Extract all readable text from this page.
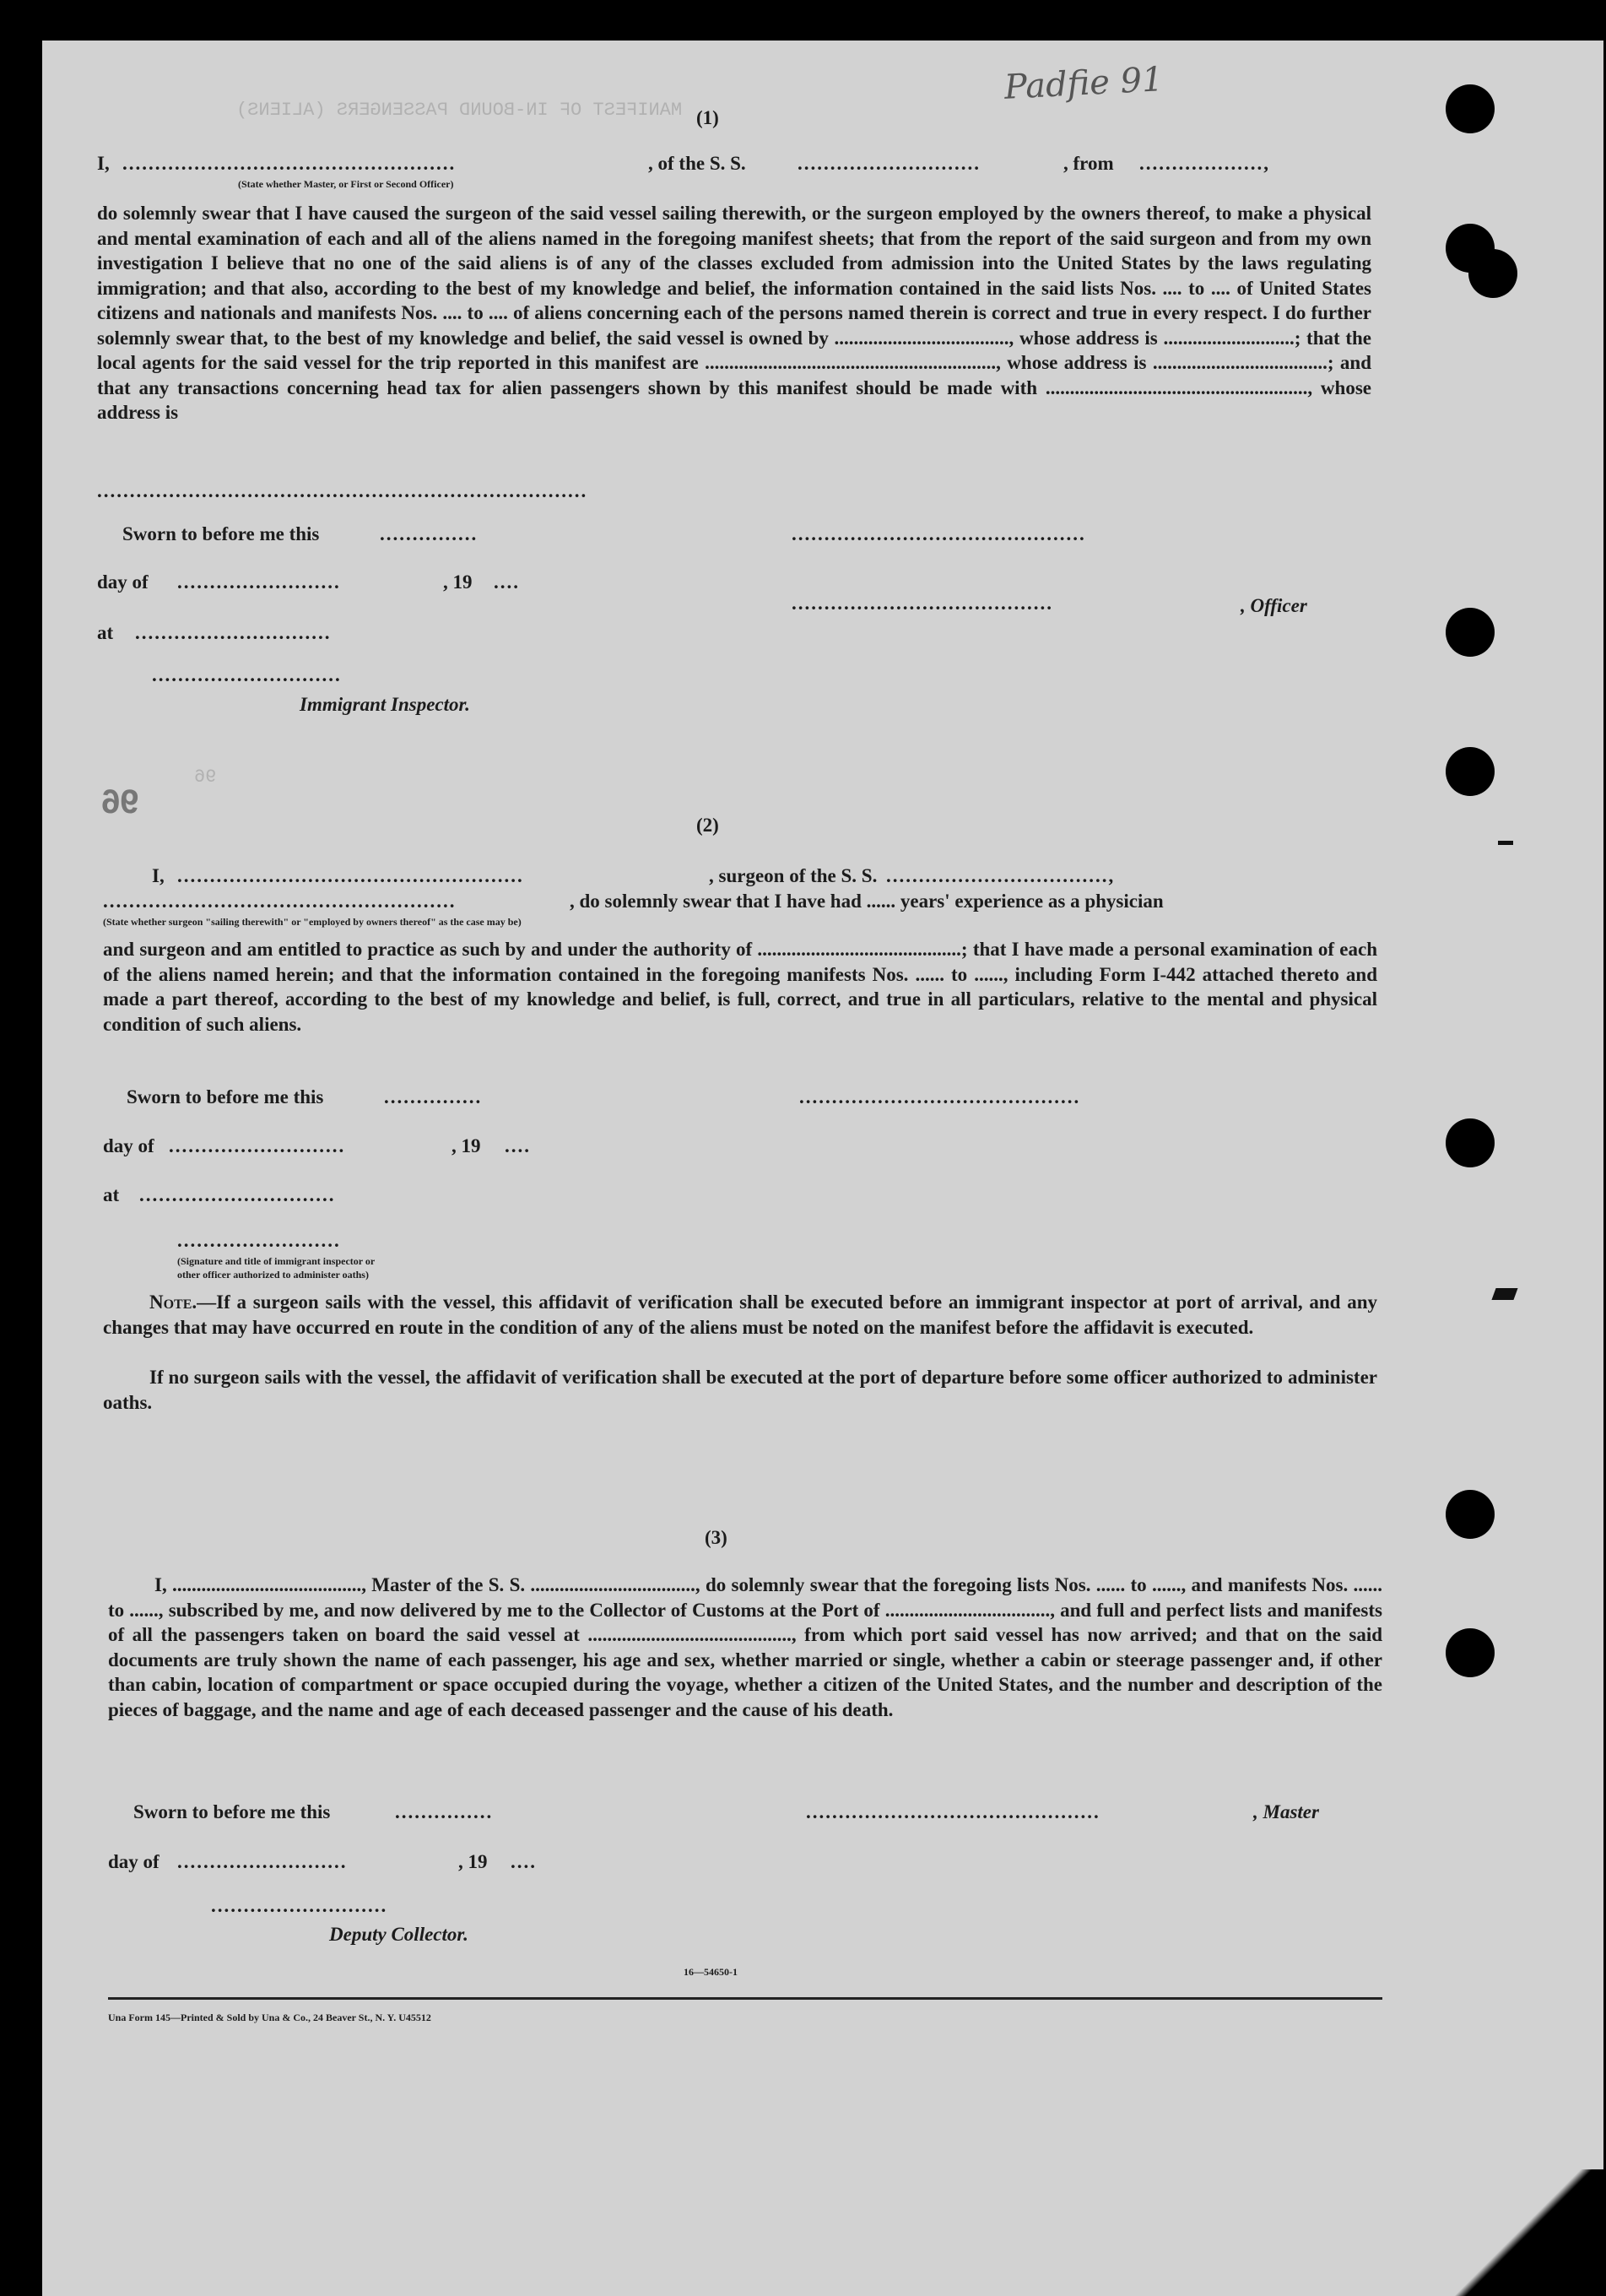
Padfie 91
MANIFEST OF IN-BOUND PASSENGERS (ALIENS)
96
(1)
I, ...................................................	, of the S. S.	............................	, from ...................,
(State whether Master, or First or Second Officer)
do solemnly swear that I have caused the surgeon of the said vessel sailing therewith, or the surgeon employed by the owners thereof, to make a physical and mental examination of each and all of the aliens named in the foregoing manifest sheets; that from the report of the said surgeon and from my own investigation I believe that no one of the said aliens is of any of the classes excluded from admission into the United States by the laws regulating immigration; and that also, according to the best of my knowledge and belief, the information contained in the said lists Nos. .... to .... of United States citizens and nationals and manifests Nos. .... to .... of aliens concerning each of the persons named therein is correct and true in every respect. I do further solemnly swear that, to the best of my knowledge and belief, the said vessel is owned by ...................................., whose address is ...........................; that the local agents for the said vessel for the trip reported in this manifest are ............................................................, whose address is ....................................; and that any transactions concerning head tax for alien passengers shown by this manifest should be made with ......................................................, whose address is
...........................................................................
Sworn to before me this	...............	.............................................
day of .........................	, 19 ....
........................................	, Officer
at ..............................
.............................
Immigrant Inspector.
96
(2)
I, .....................................................	, surgeon of the S. S. ..................................,
......................................................	, do solemnly swear that I have had ...... years' experience as a physician
(State whether surgeon "sailing therewith" or "employed by owners thereof" as the case may be)
and surgeon and am entitled to practice as such by and under the authority of ..........................................; that I have made a personal examination of each of the aliens named herein; and that the information contained in the foregoing manifests Nos. ...... to ......, including Form I-442 attached thereto and made a part thereof, according to the best of my knowledge and belief, is full, correct, and true in all particulars, relative to the mental and physical condition of such aliens.
Sworn to before me this	...............	...........................................
day of ...........................	, 19 ....
at ..............................
.........................
(Signature and title of immigrant inspector or
other officer authorized to administer oaths)
Note.—If a surgeon sails with the vessel, this affidavit of verification shall be executed before an immigrant inspector at port of arrival, and any changes that may have occurred en route in the condition of any of the aliens must be noted on the manifest before the affidavit is executed.
If no surgeon sails with the vessel, the affidavit of verification shall be executed at the port of departure before some officer authorized to administer oaths.
(3)
I, ......................................., Master of the S. S. .................................., do solemnly swear that the foregoing lists Nos. ...... to ......, and manifests Nos. ...... to ......, subscribed by me, and now delivered by me to the Collector of Customs at the Port of .................................., and full and perfect lists and manifests of all the passengers taken on board the said vessel at .........................................., from which port said vessel has now arrived; and that on the said documents are truly shown the name of each passenger, his age and sex, whether married or single, whether a cabin or steerage passenger and, if other than cabin, location of compartment or space occupied during the voyage, whether a citizen of the United States, and the number and description of the pieces of baggage, and the name and age of each deceased passenger and the cause of his death.
Sworn to before me this	...............	.............................................	, Master
day of ..........................	, 19 ....
...........................
Deputy Collector.
16—54650-1
Una Form 145—Printed & Sold by Una & Co., 24 Beaver St., N. Y. U45512
